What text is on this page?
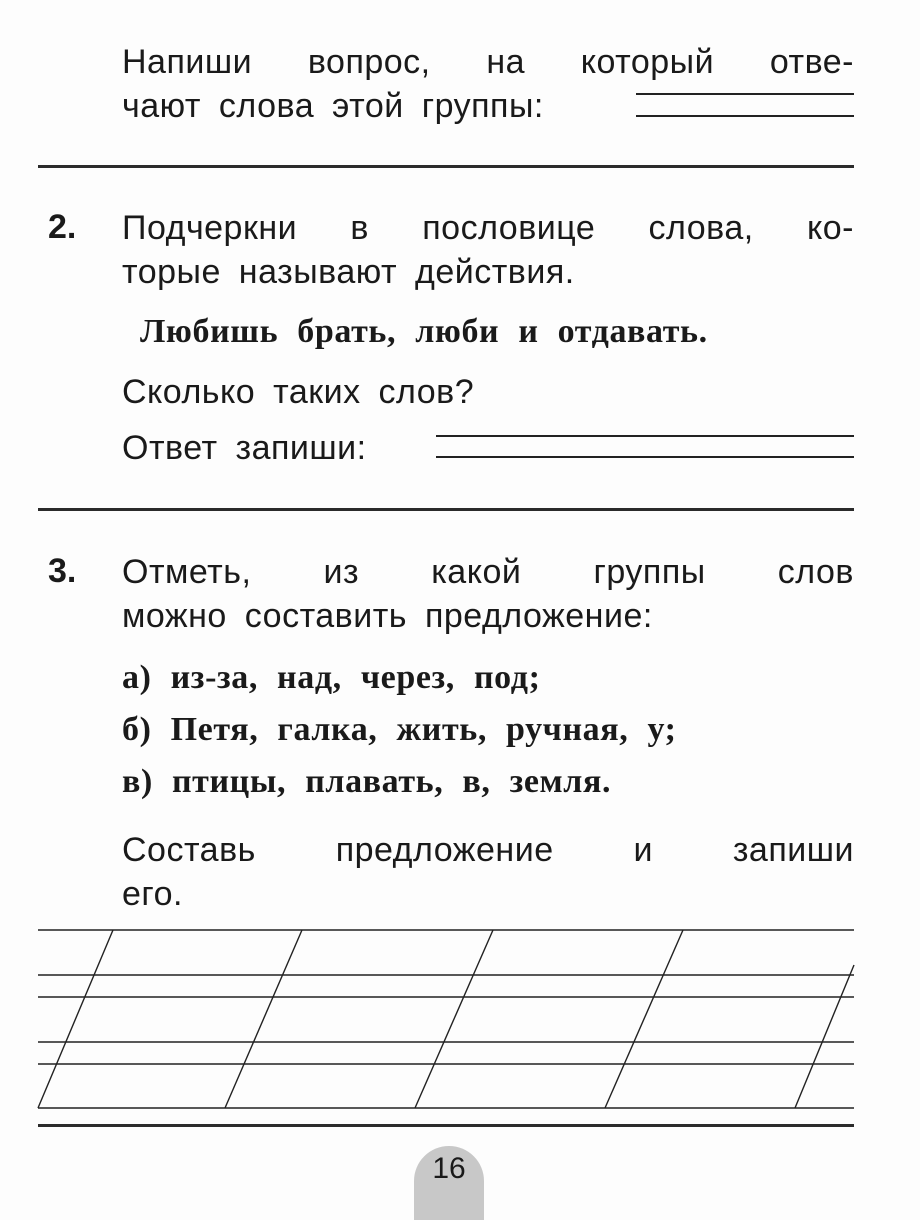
Напиши вопрос, на который отве-
чают слова этой группы:
2. Подчеркни в пословице слова, ко-
торые называют действия.
Любишь брать, люби и отдавать.
Сколько таких слов?
Ответ запиши:
3. Отметь, из какой группы слов
можно составить предложение:
а) из-за, над, через, под;
б) Петя, галка, жить, ручная, у;
в) птицы, плавать, в, земля.
Составь предложение и запиши
его.
16
